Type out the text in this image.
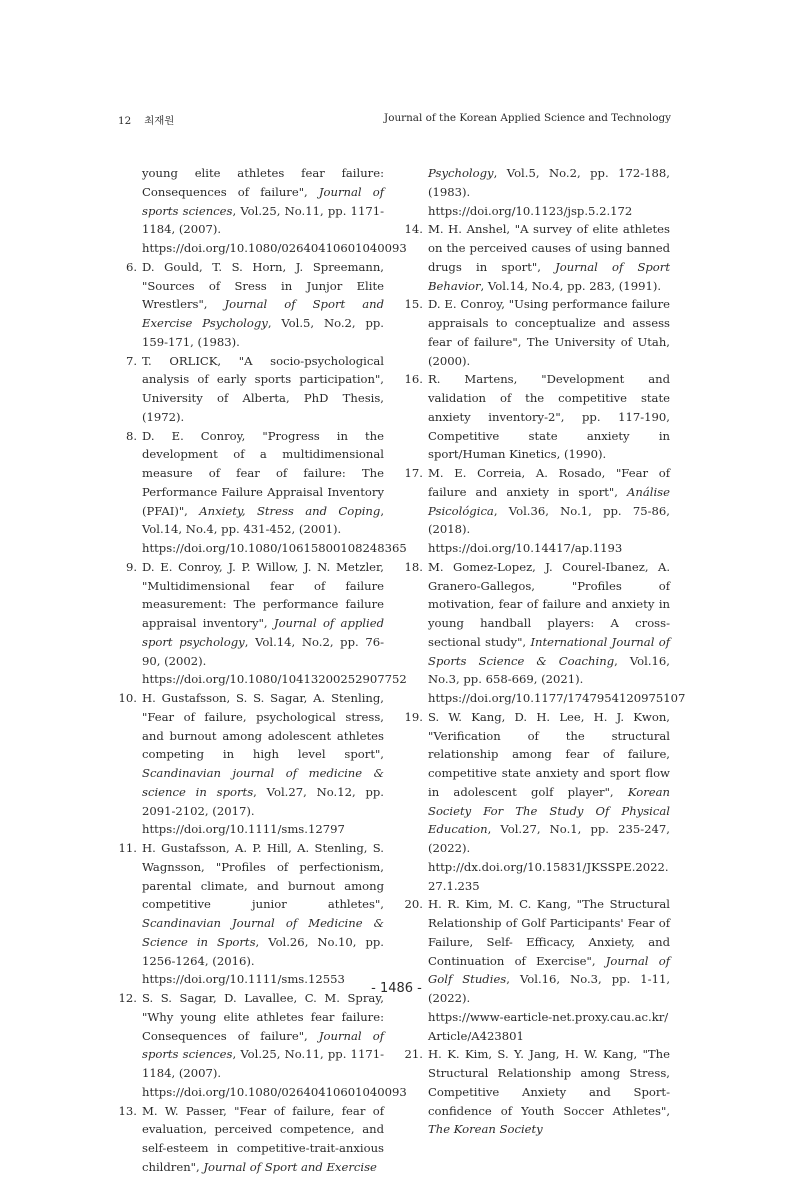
12 최재원	Journal of the Korean Applied Science and Technology
young elite athletes fear failure: Consequences of failure", Journal of sports sciences, Vol.25, No.11, pp. 1171-1184, (2007).
https://doi.org/10.1080/02640410601040093
6. D. Gould, T. S. Horn, J. Spreemann, "Sources of Sress in Junjor Elite Wrestlers", Journal of Sport and Exercise Psychology, Vol.5, No.2, pp. 159-171, (1983).
7. T. ORLICK, "A socio-psychological analysis of early sports participation", University of Alberta, PhD Thesis, (1972).
8. D. E. Conroy, "Progress in the development of a multidimensional measure of fear of failure: The Performance Failure Appraisal Inventory (PFAI)", Anxiety, Stress and Coping, Vol.14, No.4, pp. 431-452, (2001).
https://doi.org/10.1080/10615800108248365
9. D. E. Conroy, J. P. Willow, J. N. Metzler, "Multidimensional fear of failure measurement: The performance failure appraisal inventory", Journal of applied sport psychology, Vol.14, No.2, pp. 76-90, (2002).
https://doi.org/10.1080/10413200252907752
10. H. Gustafsson, S. S. Sagar, A. Stenling, "Fear of failure, psychological stress, and burnout among adolescent athletes competing in high level sport", Scandinavian journal of medicine & science in sports, Vol.27, No.12, pp. 2091-2102, (2017).
https://doi.org/10.1111/sms.12797
11. H. Gustafsson, A. P. Hill, A. Stenling, S. Wagnsson, "Profiles of perfectionism, parental climate, and burnout among competitive junior athletes", Scandinavian Journal of Medicine & Science in Sports, Vol.26, No.10, pp. 1256-1264, (2016).
https://doi.org/10.1111/sms.12553
12. S. S. Sagar, D. Lavallee, C. M. Spray, "Why young elite athletes fear failure: Consequences of failure", Journal of sports sciences, Vol.25, No.11, pp. 1171-1184, (2007).
https://doi.org/10.1080/02640410601040093
13. M. W. Passer, "Fear of failure, fear of evaluation, perceived competence, and self-esteem in competitive-trait-anxious children", Journal of Sport and Exercise
Psychology, Vol.5, No.2, pp. 172-188, (1983).
https://doi.org/10.1123/jsp.5.2.172
14. M. H. Anshel, "A survey of elite athletes on the perceived causes of using banned drugs in sport", Journal of Sport Behavior, Vol.14, No.4, pp. 283, (1991).
15. D. E. Conroy, "Using performance failure appraisals to conceptualize and assess fear of failure", The University of Utah, (2000).
16. R. Martens, "Development and validation of the competitive state anxiety inventory-2", pp. 117-190, Competitive state anxiety in sport/Human Kinetics, (1990).
17. M. E. Correia, A. Rosado, "Fear of failure and anxiety in sport", Análise Psicológica, Vol.36, No.1, pp. 75-86, (2018).
https://doi.org/10.14417/ap.1193
18. M. Gomez-Lopez, J. Courel-Ibanez, A. Granero-Gallegos, "Profiles of motivation, fear of failure and anxiety in young handball players: A cross-sectional study", International Journal of Sports Science & Coaching, Vol.16, No.3, pp. 658-669, (2021).
https://doi.org/10.1177/1747954120975107
19. S. W. Kang, D. H. Lee, H. J. Kwon, "Verification of the structural relationship among fear of failure, competitive state anxiety and sport flow in adolescent golf player", Korean Society For The Study Of Physical Education, Vol.27, No.1, pp. 235-247, (2022).
http://dx.doi.org/10.15831/JKSSPE.2022.27.1.235
20. H. R. Kim, M. C. Kang, "The Structural Relationship of Golf Participants' Fear of Failure, Self- Efficacy, Anxiety, and Continuation of Exercise", Journal of Golf Studies, Vol.16, No.3, pp. 1-11, (2022).
https://www-earticle-net.proxy.cau.ac.kr/Article/A423801
21. H. K. Kim, S. Y. Jang, H. W. Kang, "The Structural Relationship among Stress, Competitive Anxiety and Sport-confidence of Youth Soccer Athletes", The Korean Society
- 1486 -
